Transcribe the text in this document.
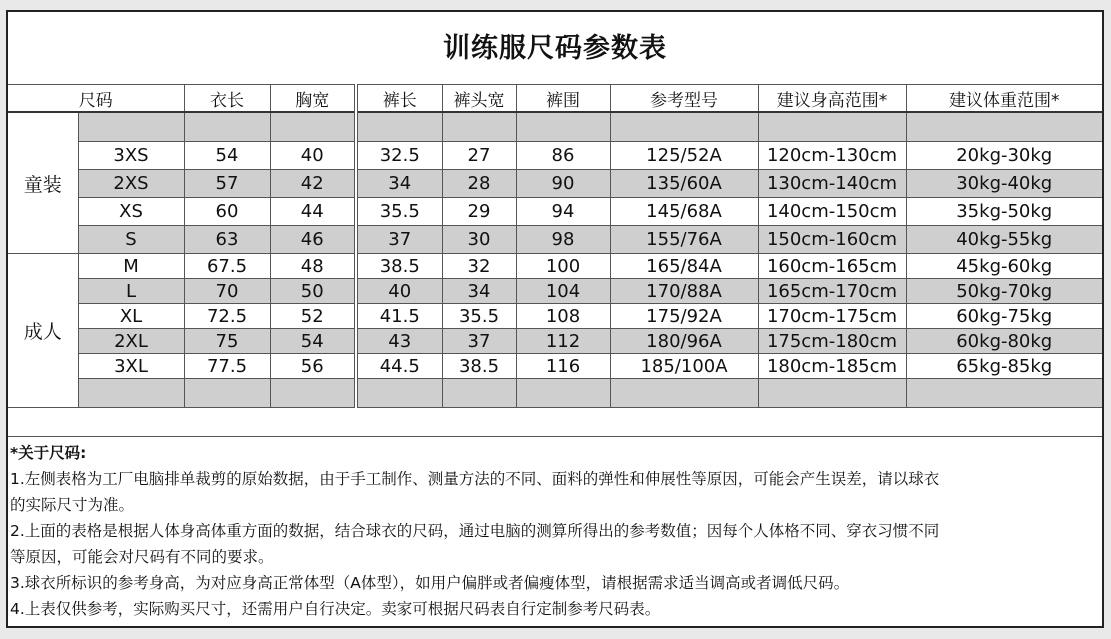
训练服尺码参数表
尺码		衣长	胸宽	裤长	裤头宽	裤围	参考型号	建议身高范围*	建议体重范围*
童装									
	3XS	54	40	32.5	27	86	125/52A	120cm-130cm	20kg-30kg
	2XS	57	42	34	28	90	135/60A	130cm-140cm	30kg-40kg
	XS	60	44	35.5	29	94	145/68A	140cm-150cm	35kg-50kg
	S	63	46	37	30	98	155/76A	150cm-160cm	40kg-55kg
成人	M	67.5	48	38.5	32	100	165/84A	160cm-165cm	45kg-60kg
	L	70	50	40	34	104	170/88A	165cm-170cm	50kg-70kg
	XL	72.5	52	41.5	35.5	108	175/92A	170cm-175cm	60kg-75kg
	2XL	75	54	43	37	112	180/96A	175cm-180cm	60kg-80kg
	3XL	77.5	56	44.5	38.5	116	185/100A	180cm-185cm	65kg-85kg

*关于尺码:
1.左侧表格为工厂电脑排单裁剪的原始数据，由于手工制作、测量方法的不同、面料的弹性和伸展性等原因，可能会产生误差，请以球衣
的实际尺寸为准。
2.上面的表格是根据人体身高体重方面的数据，结合球衣的尺码，通过电脑的测算所得出的参考数值；因每个人体格不同、穿衣习惯不同
等原因，可能会对尺码有不同的要求。
3.球衣所标识的参考身高，为对应身高正常体型（A体型），如用户偏胖或者偏瘦体型，请根据需求适当调高或者调低尺码。
4.上表仅供参考，实际购买尺寸，还需用户自行决定。卖家可根据尺码表自行定制参考尺码表。
